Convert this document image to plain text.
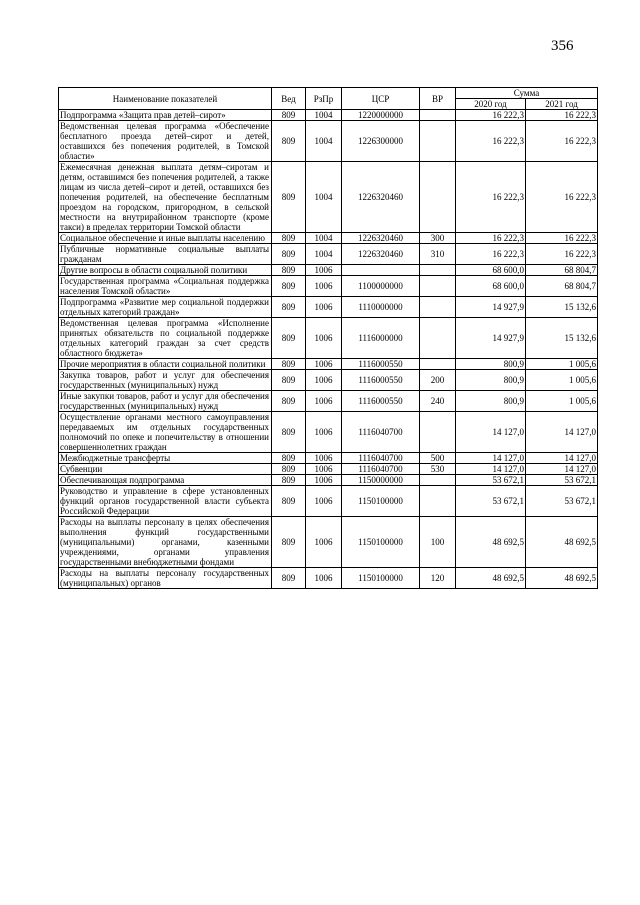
356
Наименование показателей	Вед	РзПр	ЦСР	ВР	Сумма	
					2020 год	2021 год
Подпрограмма «Защита прав детей–сирот»	809	1004	1220000000		16 222,3	16 222,3
Ведомственная целевая программа «Обеспечение бесплатного проезда детей–сирот и детей, оставшихся без попечения родителей, в Томской области»	809	1004	1226300000		16 222,3	16 222,3
Ежемесячная денежная выплата детям–сиротам и детям, оставшимся без попечения родителей, а также лицам из числа детей–сирот и детей, оставшихся без попечения родителей, на обеспечение бесплатным проездом на городском, пригородном, в сельской местности на внутрирайонном транспорте (кроме такси) в пределах территории Томской области	809	1004	1226320460		16 222,3	16 222,3
Социальное обеспечение и иные выплаты населению	809	1004	1226320460	300	16 222,3	16 222,3
Публичные нормативные социальные выплаты гражданам	809	1004	1226320460	310	16 222,3	16 222,3
Другие вопросы в области социальной политики	809	1006			68 600,0	68 804,7
Государственная программа «Социальная поддержка населения Томской области»	809	1006	1100000000		68 600,0	68 804,7
Подпрограмма «Развитие мер социальной поддержки отдельных категорий граждан»	809	1006	1110000000		14 927,9	15 132,6
Ведомственная целевая программа «Исполнение принятых обязательств по социальной поддержке отдельных категорий граждан за счет средств областного бюджета»	809	1006	1116000000		14 927,9	15 132,6
Прочие мероприятия в области социальной политики	809	1006	1116000550		800,9	1 005,6
Закупка товаров, работ и услуг для обеспечения государственных (муниципальных) нужд	809	1006	1116000550	200	800,9	1 005,6
Иные закупки товаров, работ и услуг для обеспечения государственных (муниципальных) нужд	809	1006	1116000550	240	800,9	1 005,6
Осуществление органами местного самоуправления передаваемых им отдельных государственных полномочий по опеке и попечительству в отношении совершеннолетних граждан	809	1006	1116040700		14 127,0	14 127,0
Межбюджетные трансферты	809	1006	1116040700	500	14 127,0	14 127,0
Субвенции	809	1006	1116040700	530	14 127,0	14 127,0
Обеспечивающая подпрограмма	809	1006	1150000000		53 672,1	53 672,1
Руководство и управление в сфере установленных функций органов государственной власти субъекта Российской Федерации	809	1006	1150100000		53 672,1	53 672,1
Расходы на выплаты персоналу в целях обеспечения выполнения функций государственными (муниципальными) органами, казенными учреждениями, органами управления государственными внебюджетными фондами	809	1006	1150100000	100	48 692,5	48 692,5
Расходы на выплаты персоналу государственных (муниципальных) органов	809	1006	1150100000	120	48 692,5	48 692,5
